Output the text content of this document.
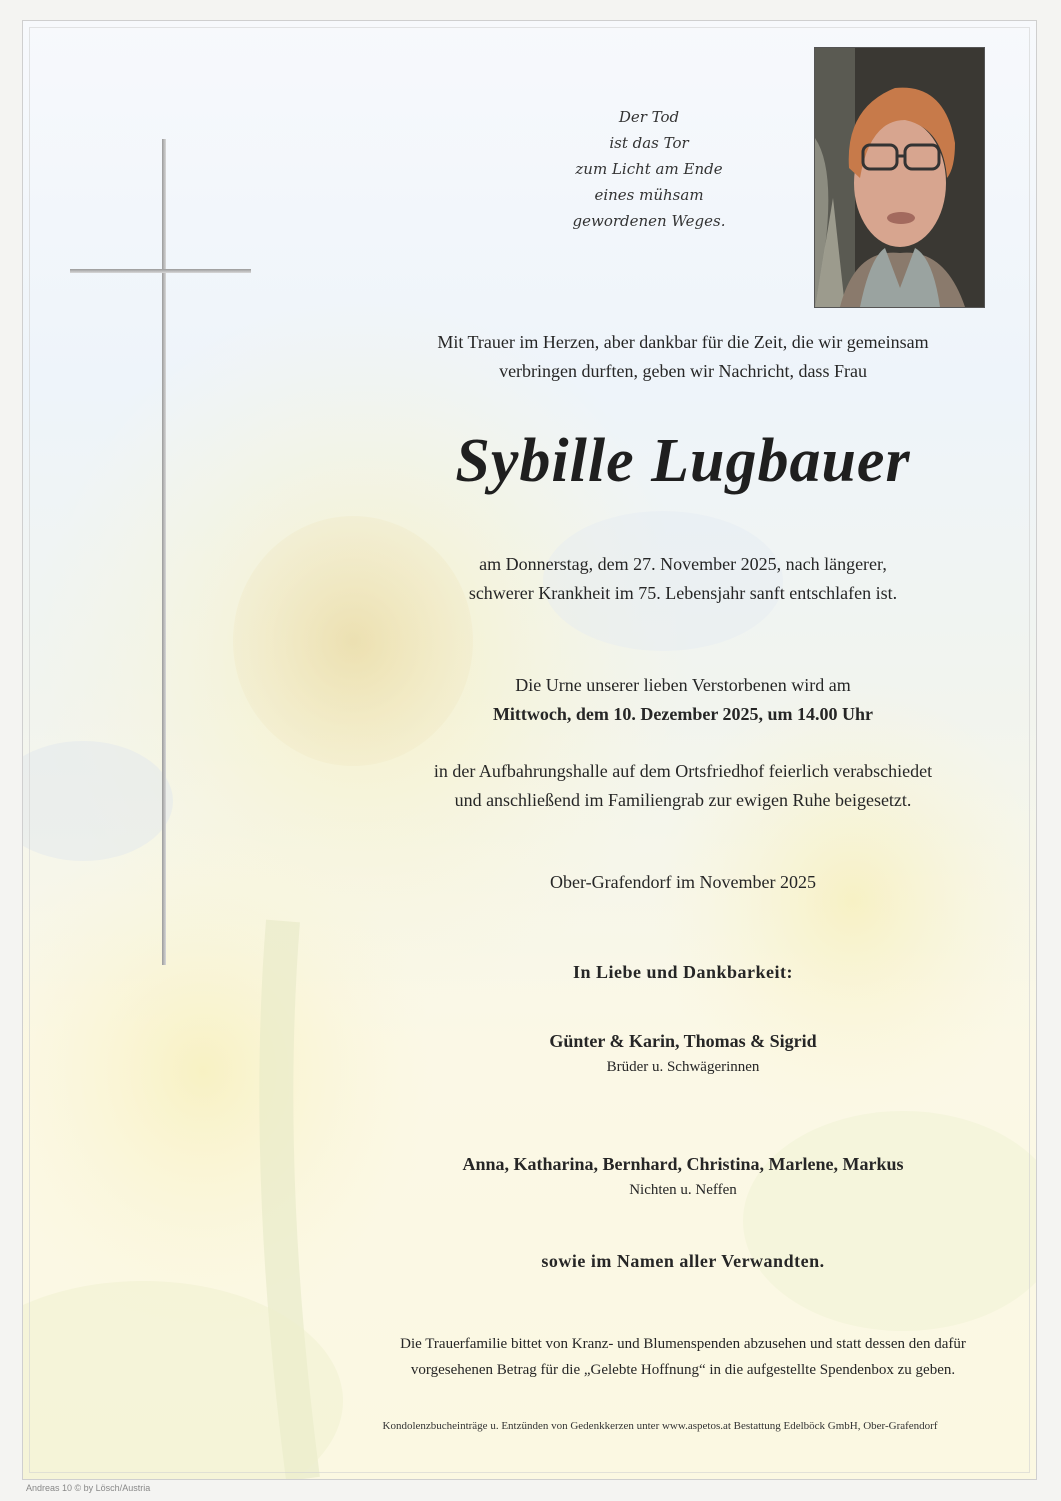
Der Tod
ist das Tor
zum Licht am Ende
eines mühsam
gewordenen Weges.
Mit Trauer im Herzen, aber dankbar für die Zeit, die wir gemeinsam
verbringen durften, geben wir Nachricht, dass Frau
Sybille Lugbauer
am Donnerstag, dem 27. November 2025, nach längerer,
schwerer Krankheit im 75. Lebensjahr sanft entschlafen ist.
Die Urne unserer lieben Verstorbenen wird am
Mittwoch, dem 10. Dezember 2025, um 14.00 Uhr
in der Aufbahrungshalle auf dem Ortsfriedhof feierlich verabschiedet
und anschließend im Familiengrab zur ewigen Ruhe beigesetzt.
Ober-Grafendorf im November 2025
In Liebe und Dankbarkeit:
Günter & Karin, Thomas & Sigrid
Brüder u. Schwägerinnen
Anna, Katharina, Bernhard, Christina, Marlene, Markus
Nichten u. Neffen
sowie im Namen aller Verwandten.
Die Trauerfamilie bittet von Kranz- und Blumenspenden abzusehen und statt dessen den dafür
vorgesehenen Betrag für die „Gelebte Hoffnung“ in die aufgestellte Spendenbox zu geben.
Kondolenzbucheinträge u. Entzünden von Gedenkkerzen unter www.aspetos.at Bestattung Edelböck GmbH, Ober-Grafendorf
Andreas 10 © by Lösch/Austria
